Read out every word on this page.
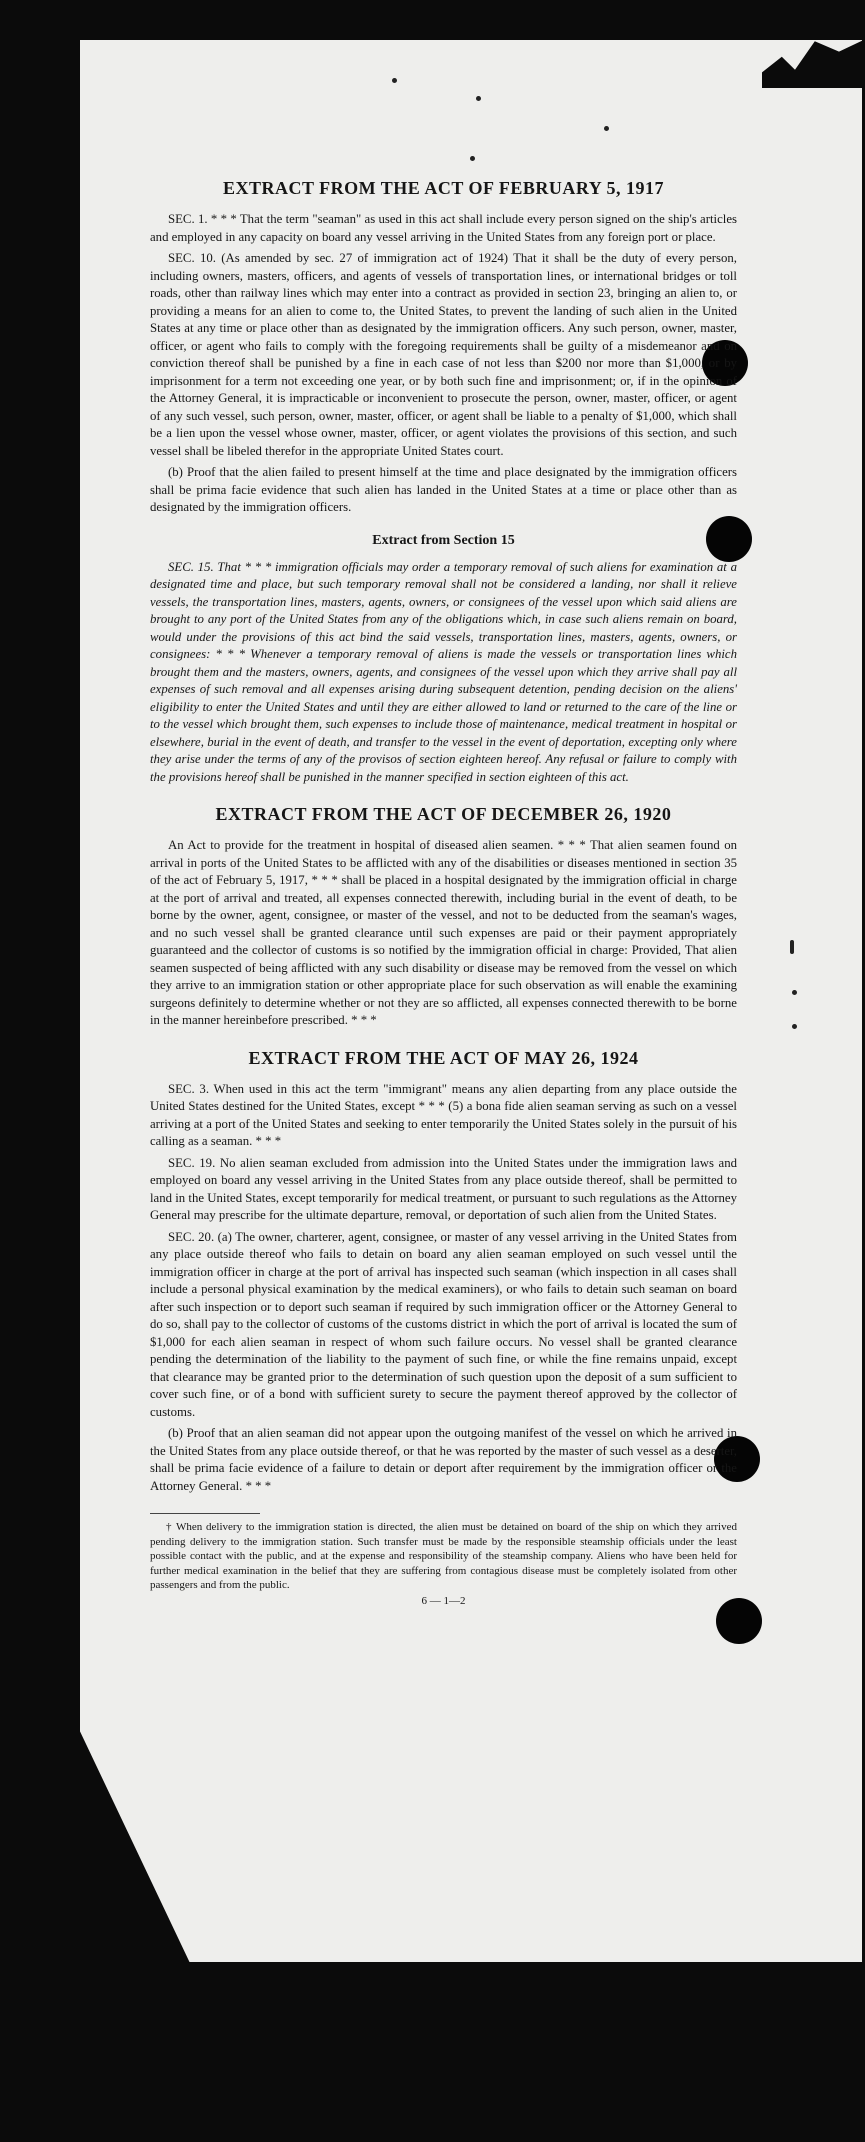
EXTRACT FROM THE ACT OF FEBRUARY 5, 1917

SEC. 1. * * * That the term "seaman" as used in this act shall include every person signed on the ship's articles and employed in any capacity on board any vessel arriving in the United States from any foreign port or place.

SEC. 10. (As amended by sec. 27 of immigration act of 1924) That it shall be the duty of every person, including owners, masters, officers, and agents of vessels of transportation lines, or international bridges or toll roads, other than railway lines which may enter into a contract as provided in section 23, bringing an alien to, or providing a means for an alien to come to, the United States, to prevent the landing of such alien in the United States at any time or place other than as designated by the immigration officers. Any such person, owner, master, officer, or agent who fails to comply with the foregoing requirements shall be guilty of a misdemeanor and on conviction thereof shall be punished by a fine in each case of not less than $200 nor more than $1,000, or by imprisonment for a term not exceeding one year, or by both such fine and imprisonment; or, if in the opinion of the Attorney General, it is impracticable or inconvenient to prosecute the person, owner, master, officer, or agent of any such vessel, such person, owner, master, officer, or agent shall be liable to a penalty of $1,000, which shall be a lien upon the vessel whose owner, master, officer, or agent violates the provisions of this section, and such vessel shall be libeled therefor in the appropriate United States court.

(b) Proof that the alien failed to present himself at the time and place designated by the immigration officers shall be prima facie evidence that such alien has landed in the United States at a time or place other than as designated by the immigration officers.

Extract from Section 15

SEC. 15. That * * * immigration officials may order a temporary removal of such aliens for examination at a designated time and place, but such temporary removal shall not be considered a landing, nor shall it relieve vessels, the transportation lines, masters, agents, owners, or consignees of the vessel upon which said aliens are brought to any port of the United States from any of the obligations which, in case such aliens remain on board, would under the provisions of this act bind the said vessels, transportation lines, masters, agents, owners, or consignees: * * * Whenever a temporary removal of aliens is made the vessels or transportation lines which brought them and the masters, owners, agents, and consignees of the vessel upon which they arrive shall pay all expenses of such removal and all expenses arising during subsequent detention, pending decision on the aliens' eligibility to enter the United States and until they are either allowed to land or returned to the care of the line or to the vessel which brought them, such expenses to include those of maintenance, medical treatment in hospital or elsewhere, burial in the event of death, and transfer to the vessel in the event of deportation, excepting only where they arise under the terms of any of the provisos of section eighteen hereof. Any refusal or failure to comply with the provisions hereof shall be punished in the manner specified in section eighteen of this act.

EXTRACT FROM THE ACT OF DECEMBER 26, 1920

An Act to provide for the treatment in hospital of diseased alien seamen. * * * That alien seamen found on arrival in ports of the United States to be afflicted with any of the disabilities or diseases mentioned in section 35 of the act of February 5, 1917, * * * shall be placed in a hospital designated by the immigration official in charge at the port of arrival and treated, all expenses connected therewith, including burial in the event of death, to be borne by the owner, agent, consignee, or master of the vessel, and not to be deducted from the seaman's wages, and no such vessel shall be granted clearance until such expenses are paid or their payment appropriately guaranteed and the collector of customs is so notified by the immigration official in charge: Provided, That alien seamen suspected of being afflicted with any such disability or disease may be removed from the vessel on which they arrive to an immigration station or other appropriate place for such observation as will enable the examining surgeons definitely to determine whether or not they are so afflicted, all expenses connected therewith to be borne in the manner hereinbefore prescribed. * * *

EXTRACT FROM THE ACT OF MAY 26, 1924

SEC. 3. When used in this act the term "immigrant" means any alien departing from any place outside the United States destined for the United States, except * * * (5) a bona fide alien seaman serving as such on a vessel arriving at a port of the United States and seeking to enter temporarily the United States solely in the pursuit of his calling as a seaman. * * *

SEC. 19. No alien seaman excluded from admission into the United States under the immigration laws and employed on board any vessel arriving in the United States from any place outside thereof, shall be permitted to land in the United States, except temporarily for medical treatment, or pursuant to such regulations as the Attorney General may prescribe for the ultimate departure, removal, or deportation of such alien from the United States.

SEC. 20. (a) The owner, charterer, agent, consignee, or master of any vessel arriving in the United States from any place outside thereof who fails to detain on board any alien seaman employed on such vessel until the immigration officer in charge at the port of arrival has inspected such seaman (which inspection in all cases shall include a personal physical examination by the medical examiners), or who fails to detain such seaman on board after such inspection or to deport such seaman if required by such immigration officer or the Attorney General to do so, shall pay to the collector of customs of the customs district in which the port of arrival is located the sum of $1,000 for each alien seaman in respect of whom such failure occurs. No vessel shall be granted clearance pending the determination of the liability to the payment of such fine, or while the fine remains unpaid, except that clearance may be granted prior to the determination of such question upon the deposit of a sum sufficient to cover such fine, or of a bond with sufficient surety to secure the payment thereof approved by the collector of customs.

(b) Proof that an alien seaman did not appear upon the outgoing manifest of the vessel on which he arrived in the United States from any place outside thereof, or that he was reported by the master of such vessel as a deserter, shall be prima facie evidence of a failure to detain or deport after requirement by the immigration officer or the Attorney General. * * *

† When delivery to the immigration station is directed, the alien must be detained on board of the ship on which they arrived pending delivery to the immigration station. Such transfer must be made by the responsible steamship officials under the least possible contact with the public, and at the expense and responsibility of the steamship company. Aliens who have been held for further medical examination in the belief that they are suffering from contagious disease must be completely isolated from other passengers and from the public.

6 — 1—2
